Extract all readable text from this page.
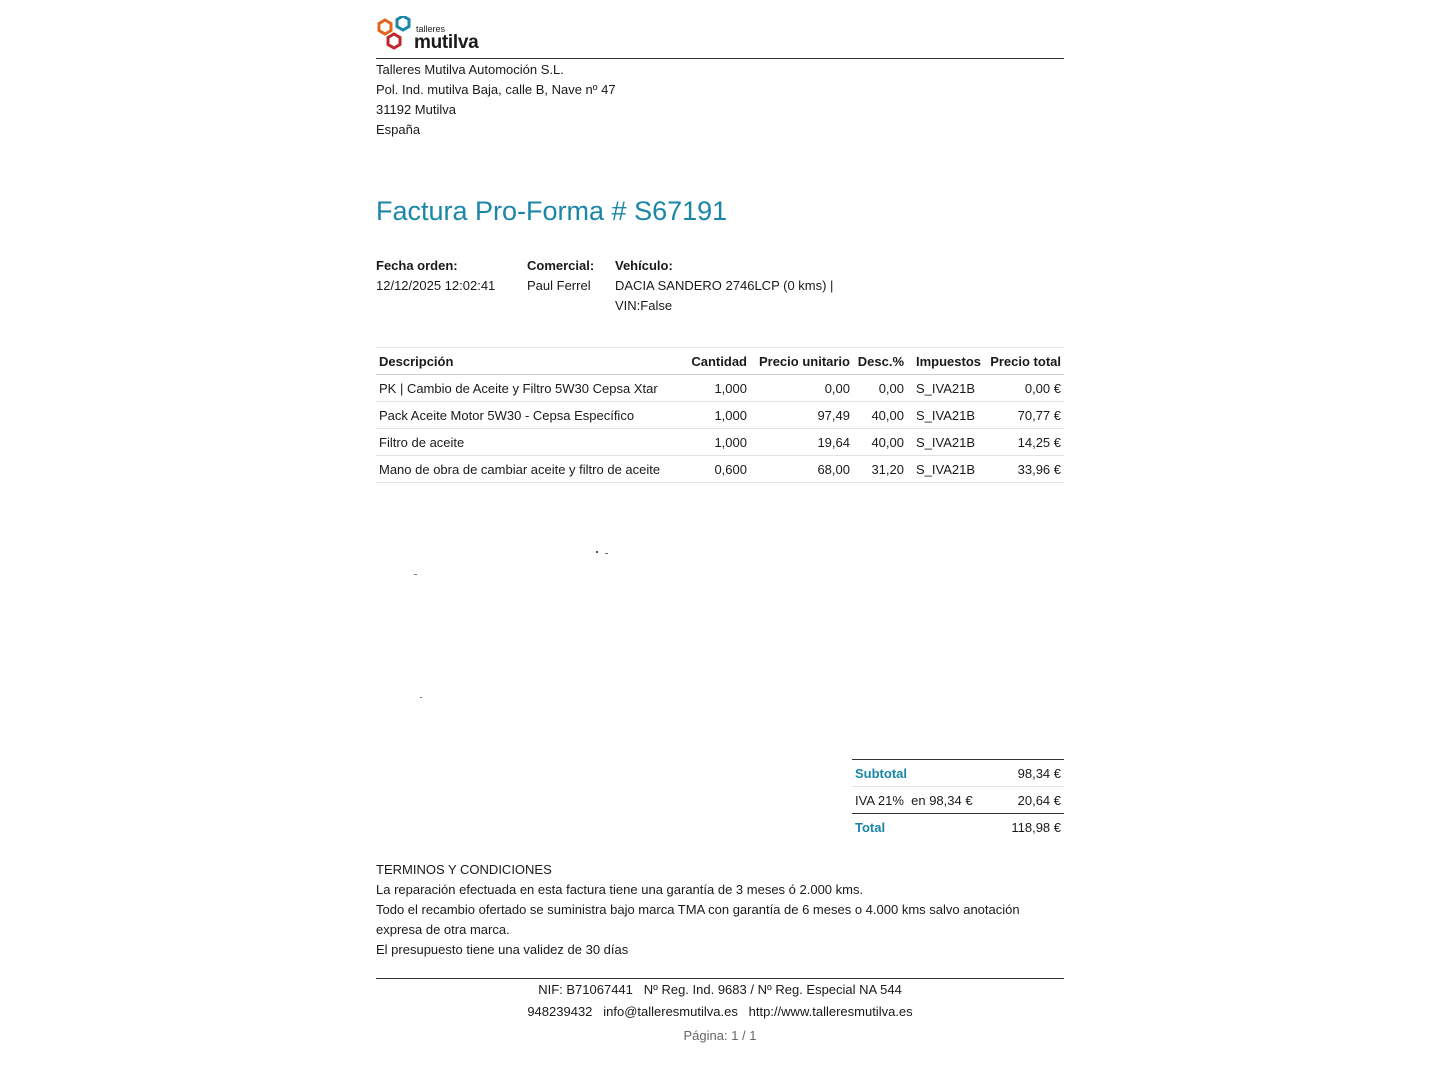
talleres
mutilva
Talleres Mutilva Automoción S.L.
Pol. Ind. mutilva Baja, calle B, Nave nº 47
31192 Mutilva
España
Factura Pro-Forma # S67191
Fecha orden:
12/12/2025 12:02:41
Comercial:
Paul Ferrel
Vehículo:
DACIA SANDERO 2746LCP (0 kms) |
VIN:False
Descripción	Cantidad	Precio unitario	Desc.%	Impuestos	Precio total
PK | Cambio de Aceite y Filtro 5W30 Cepsa Xtar	1,000	0,00	0,00	S_IVA21B	0,00 €
Pack Aceite Motor 5W30 - Cepsa Específico	1,000	97,49	40,00	S_IVA21B	70,77 €
Filtro de aceite	1,000	19,64	40,00	S_IVA21B	14,25 €
Mano de obra de cambiar aceite y filtro de aceite	0,600	68,00	31,20	S_IVA21B	33,96 €
Subtotal	98,34 €
IVA 21%  en 98,34 €	20,64 €
Total	118,98 €
TERMINOS Y CONDICIONES
La reparación efectuada en esta factura tiene una garantía de 3 meses ó 2.000 kms.
Todo el recambio ofertado se suministra bajo marca TMA con garantía de 6 meses o 4.000 kms salvo anotación expresa de otra marca.
El presupuesto tiene una validez de 30 días
NIF: B71067441   Nº Reg. Ind. 9683 / Nº Reg. Especial NA 544
948239432   info@talleresmutilva.es   http://www.talleresmutilva.es
Página: 1 / 1
